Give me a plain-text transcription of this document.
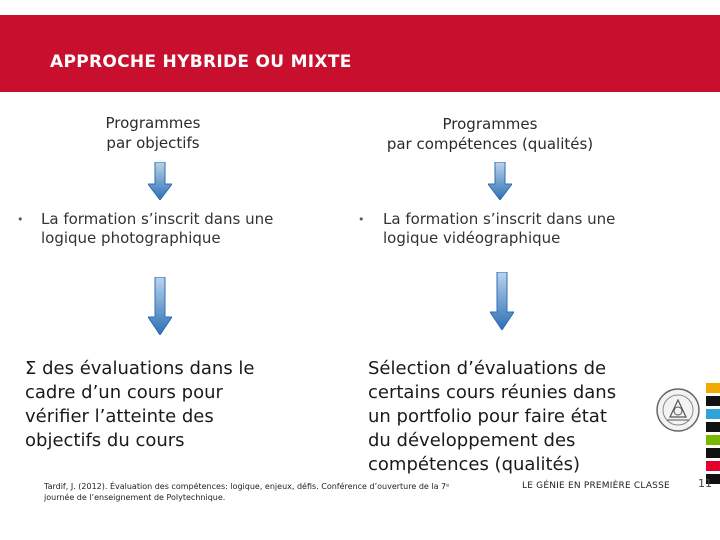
APPROCHE HYBRIDE OU MIXTE
Programmes
par objectifs
• La formation s’inscrit dans une
logique photographique
Σ des évaluations dans le
cadre d’un cours pour
vérifier l’atteinte des
objectifs du cours
Programmes
par compétences (qualités)
• La formation s’inscrit dans une
logique vidéographique
Sélection d’évaluations de
certains cours réunies dans
un portfolio pour faire état
du développement des
compétences (qualités)
Tardif, J. (2012). Évaluation des compétences: logique, enjeux, défis. Conférence d’ouverture de la 7ᵉ
journée de l’enseignement de Polytechnique.
LE GÉNIE EN PREMIÈRE CLASSE	11
